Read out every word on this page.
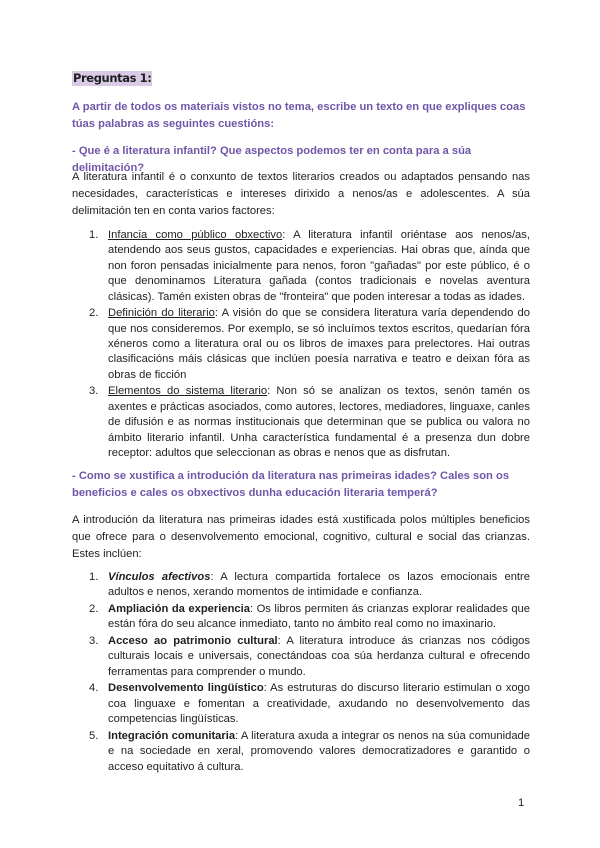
Preguntas 1:
A partir de todos os materiais vistos no tema, escribe un texto en que expliques coas túas palabras as seguintes cuestións:
- Que é a literatura infantil? Que aspectos podemos ter en conta para a súa delimitación?
A literatura infantil é o conxunto de textos literarios creados ou adaptados pensando nas necesidades, características e intereses dirixido a nenos/as e adolescentes. A súa delimitación ten en conta varios factores:
1. Infancia como público obxectivo: A literatura infantil oriéntase aos nenos/as, atendendo aos seus gustos, capacidades e experiencias. Hai obras que, aínda que non foron pensadas inicialmente para nenos, foron "gañadas" por este público, é o que denominamos Literatura gañada (contos tradicionais e novelas aventura clásicas). Tamén existen obras de "fronteira" que poden interesar a todas as idades.
2. Definición do literario: A visión do que se considera literatura varía dependendo do que nos consideremos. Por exemplo, se só incluímos textos escritos, quedarían fóra xéneros como a literatura oral ou os libros de imaxes para prelectores. Hai outras clasificacións máis clásicas que inclúen poesía narrativa e teatro e deixan fóra as obras de ficción
3. Elementos do sistema literario: Non só se analizan os textos, senón tamén os axentes e prácticas asociados, como autores, lectores, mediadores, linguaxe, canles de difusión e as normas institucionais que determinan que se publica ou valora no ámbito literario infantil. Unha característica fundamental é a presenza dun dobre receptor: adultos que seleccionan as obras e nenos que as disfrutan.
- Como se xustifica a introdución da literatura nas primeiras idades? Cales son os beneficios e cales os obxectivos dunha educación literaria temperá?
A introdución da literatura nas primeiras idades está xustificada polos múltiples beneficios que ofrece para o desenvolvemento emocional, cognitivo, cultural e social das crianzas. Estes inclúen:
1. Vínculos afectivos: A lectura compartida fortalece os lazos emocionais entre adultos e nenos, xerando momentos de intimidade e confianza.
2. Ampliación da experiencia: Os libros permiten ás crianzas explorar realidades que están fóra do seu alcance inmediato, tanto no ámbito real como no imaxinario.
3. Acceso ao patrimonio cultural: A literatura introduce ás crianzas nos códigos culturais locais e universais, conectándoas coa súa herdanza cultural e ofrecendo ferramentas para comprender o mundo.
4. Desenvolvemento lingüístico: As estruturas do discurso literario estimulan o xogo coa linguaxe e fomentan a creatividade, axudando no desenvolvemento das competencias lingüísticas.
5. Integración comunitaria: A literatura axuda a integrar os nenos na súa comunidade e na sociedade en xeral, promovendo valores democratizadores e garantido o acceso equitativo á cultura.
1
